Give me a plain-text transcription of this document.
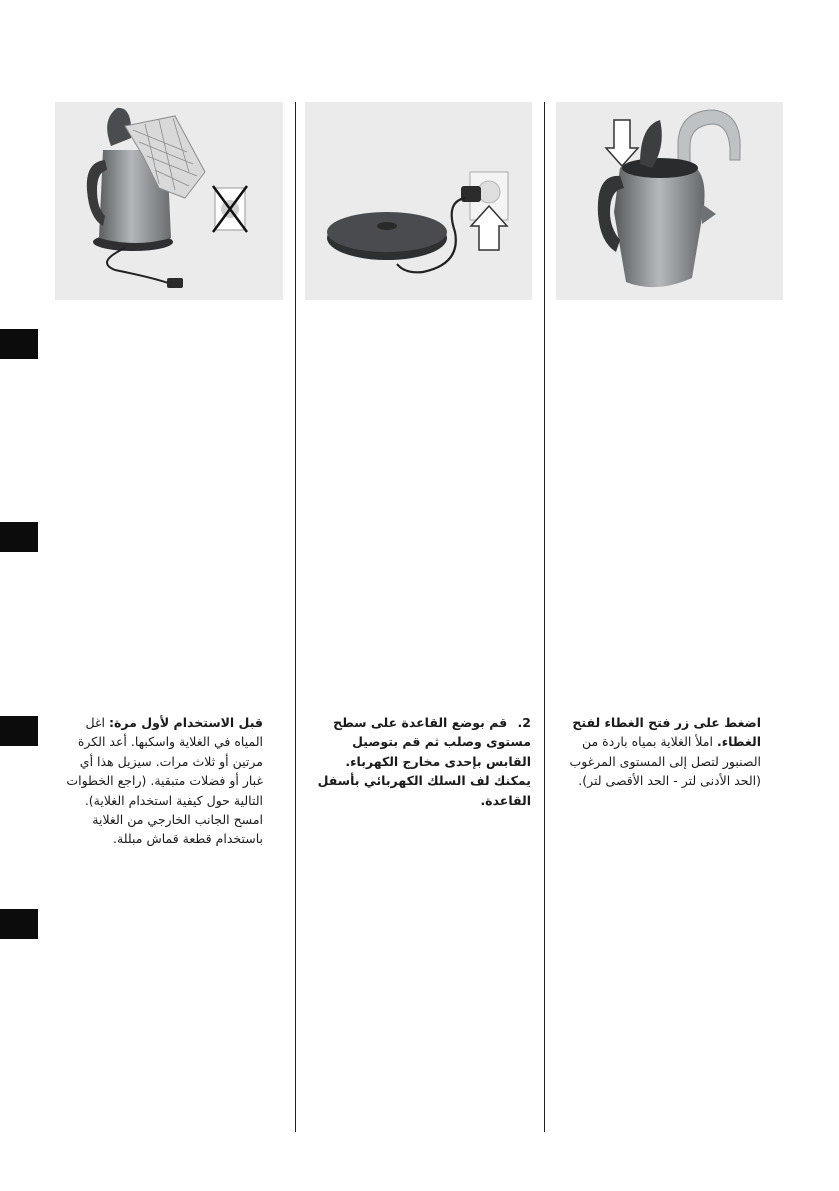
اضغط على زر فتح الغطاء لفتح الغطاء. املأ الغلاية بمياه باردة من الصنبور لتصل إلى المستوى المرغوب (الحد الأدنى لتر - الحد الأقصى لتر).
2. قم بوضع القاعدة على سطح مستوى وصلب ثم قم بتوصيل القابس بإحدى مخارج الكهرباء. يمكنك لف السلك الكهربائي بأسفل القاعدة.
قبل الاستخدام لأول مرة: اغل المياه في الغلاية واسكبها. أعد الكرة مرتين أو ثلاث مرات. سيزيل هذا أي غبار أو فضلات متبقية. (راجع الخطوات التالية حول كيفية استخدام الغلاية). امسح الجانب الخارجي من الغلاية باستخدام قطعة قماش مبللة.
